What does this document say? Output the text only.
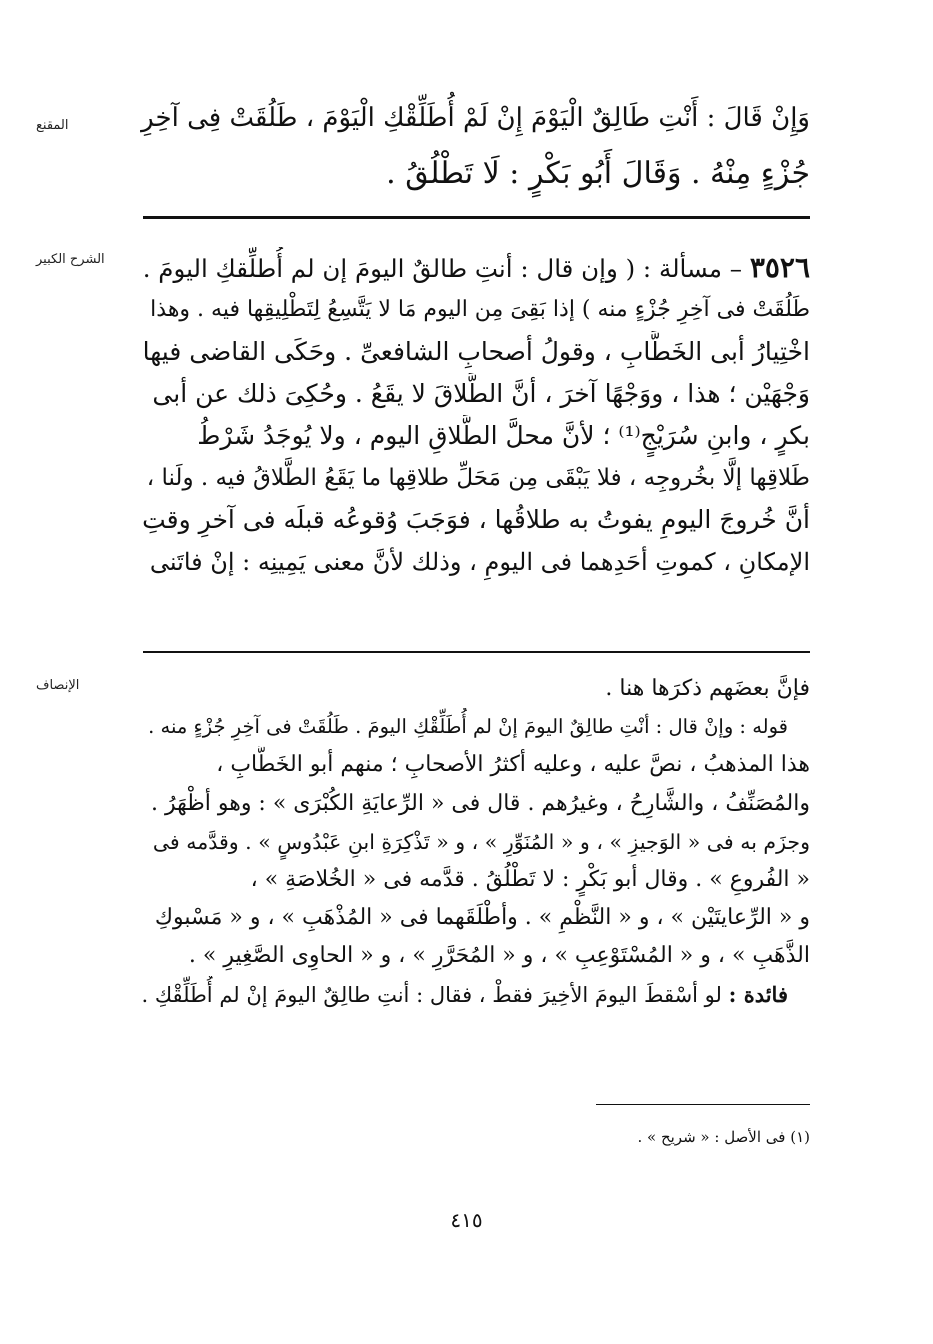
المقنع	وَإِنْ قَالَ : أَنْتِ طَالِقٌ الْيَوْمَ إِنْ لَمْ أُطَلِّقْكِ الْيَوْمَ ، طَلُقَتْ فِى آخِرِ
جُزْءٍ مِنْهُ . وَقَالَ أَبُو بَكْرٍ : لَا تَطْلُقُ .
الشرح الكبير	٣٥٢٦ – مسألة : ( وإن قال : أنتِ طالقٌ اليومَ إن لم أُطلِّقكِ اليومَ .
طَلُقَتْ فى آخِرِ جُزْءٍ منه ) إذا بَقِىَ مِن اليوم مَا لا يَتَّسِعُ لِتَطْلِيقِها فيه . وهذا
اخْتِيارُ أبى الخَطَّابِ ، وقولُ أصحابِ الشافعىِّ . وحَكَى القاضى فيها
وَجْهَيْن ؛ هذا ، ووَجْهًا آخرَ ، أنَّ الطَّلاقَ لا يقَعُ . وحُكِىَ ذلك عن أبى
بكرٍ ، وابنِ سُرَيْجٍ⁽¹⁾ ؛ لأنَّ محلَّ الطَّلاقِ اليوم ، ولا يُوجَدُ شَرْطُ
طَلاقِها إلَّا بخُروجِه ، فلا يَبْقَى مِن مَحَلِّ طلاقِها ما يَقَعُ الطَّلاقُ فيه . ولَنا ،
أنَّ خُروجَ اليومِ يفوتُ به طلاقُها ، فوَجَبَ وُقوعُه قبلَه فى آخرِ وقتِ
الإمكانِ ، كموتِ أحَدِهما فى اليومِ ، وذلك لأنَّ معنى يَمِينِه : إنْ فاتَنى
الإنصاف	فإنَّ بعضَهم ذكرَها هنا .
قوله : وإنْ قال : أنْتِ طالِقٌ اليومَ إنْ لم أُطَلِّقْكِ اليومَ . طَلُقَتْ فى آخِرِ جُزْءٍ منه .
هذا المذهبُ ، نصَّ عليه ، وعليه أكثرُ الأصحابِ ؛ منهم أبو الخَطَّابِ ،
والمُصَنِّفُ ، والشَّارِحُ ، وغيرُهم . قال فى « الرِّعايَةِ الكُبْرَى » : وهو أظْهَرُ .
وجزَم به فى « الوَجيزِ » ، و « المُنَوِّرِ » ، و « تَذْكِرَةِ ابنِ عَبْدُوسٍ » . وقدَّمه فى
« الفُروعِ » . وقال أبو بَكْرٍ : لا تَطْلُقُ . قدَّمه فى « الخُلاصَةِ » ،
و « الرِّعايتَيْن » ، و « النَّظْمِ » . وأطْلَقَهما فى « المُذْهَبِ » ، و « مَسْبوكِ
الذَّهَبِ » ، و « المُسْتَوْعِبِ » ، و « المُحَرَّرِ » ، و « الحاوِى الصَّغِيرِ » .
فائدة : لو أسْقطَ اليومَ الأخِيرَ فقطْ ، فقال : أنتِ طالِقٌ اليومَ إنْ لم أُطَلِّقْكِ .
(١) فى الأصل : « شريح » .
٤١٥
